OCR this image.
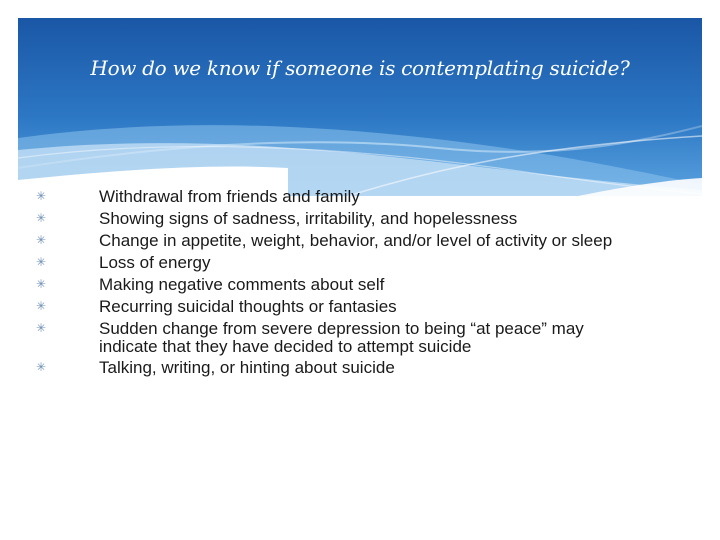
How do we know if someone is contemplating suicide?
✳	Withdrawal from friends and family
✳	Showing signs of sadness, irritability, and hopelessness
✳	Change in appetite, weight, behavior, and/or level of activity or sleep
✳	Loss of energy
✳	Making negative comments about self
✳	Recurring suicidal thoughts or fantasies
✳	Sudden change from severe depression to being “at peace” may indicate that they have decided to attempt suicide
✳	Talking, writing, or hinting about suicide
